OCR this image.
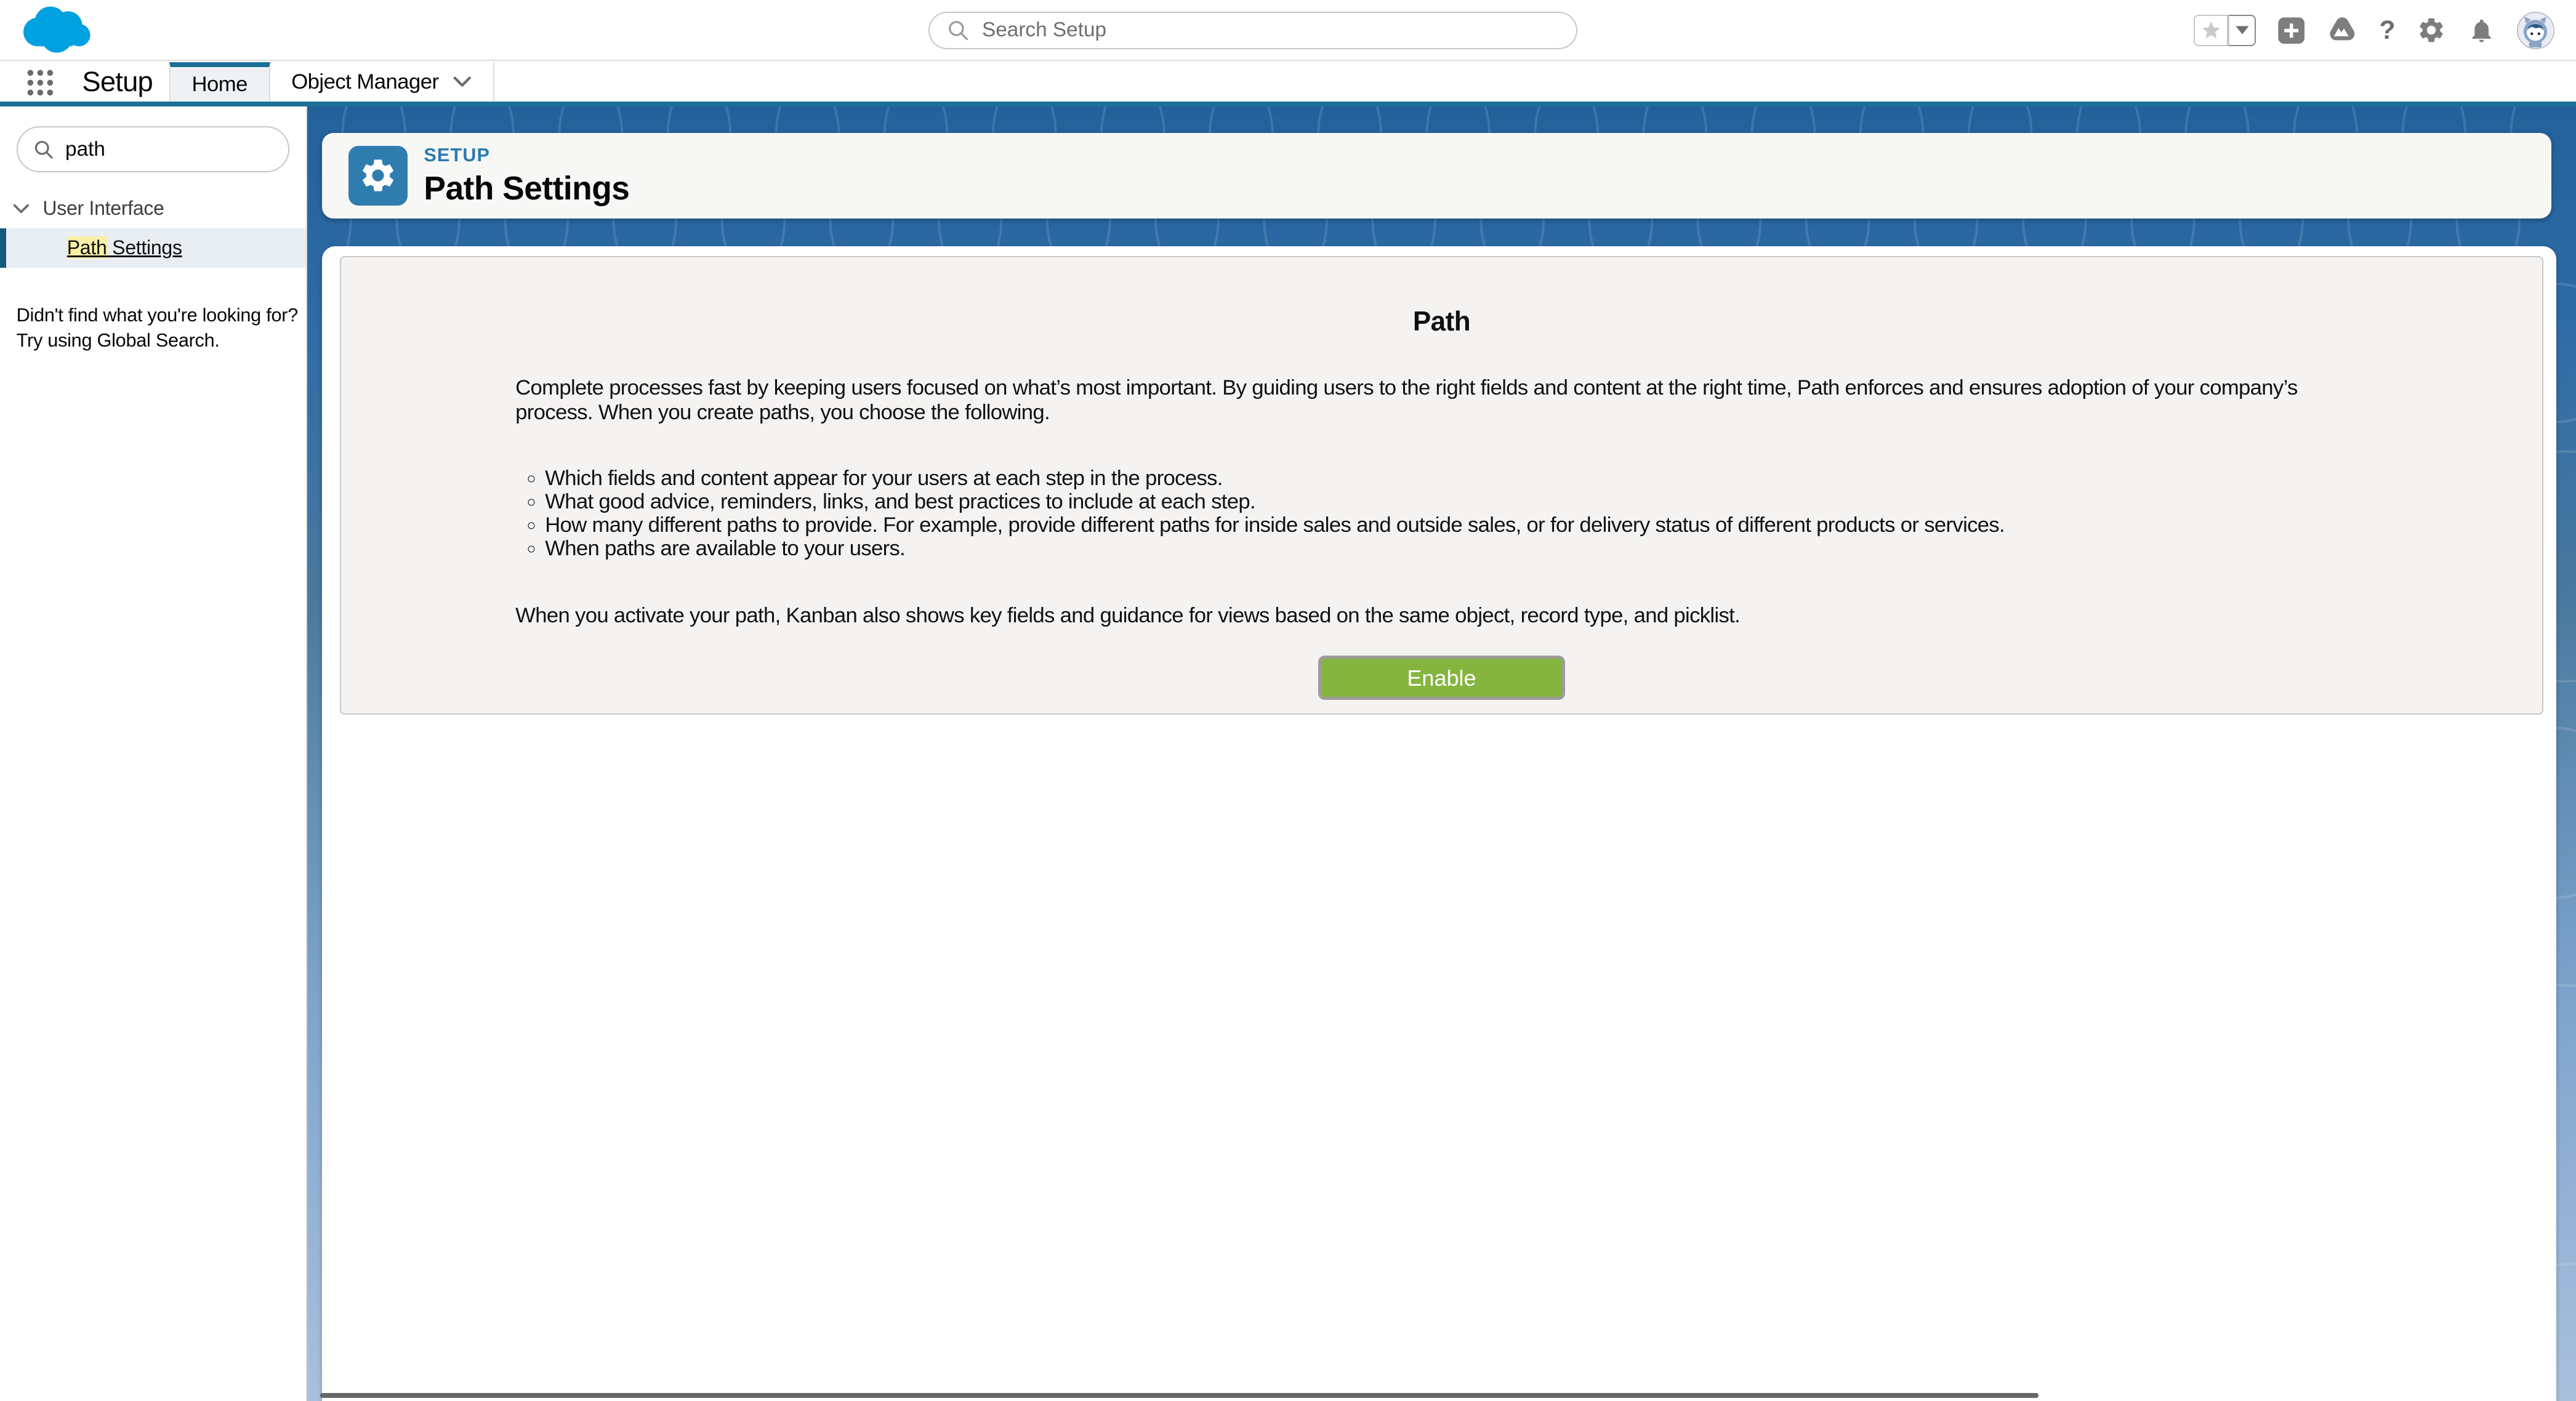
Search Setup
?
Setup	Home	Object Manager
path
User Interface
Path Settings
Didn't find what you're looking for?
Try using Global Search.
SETUP
Path Settings
Path

Complete processes fast by keeping users focused on what’s most important. By guiding users to the right fields and content at the right time, Path enforces and ensures adoption of your company’s process. When you create paths, you choose the following.

◦ Which fields and content appear for your users at each step in the process.
◦ What good advice, reminders, links, and best practices to include at each step.
◦ How many different paths to provide. For example, provide different paths for inside sales and outside sales, or for delivery status of different products or services.
◦ When paths are available to your users.

When you activate your path, Kanban also shows key fields and guidance for views based on the same object, record type, and picklist.

Enable
